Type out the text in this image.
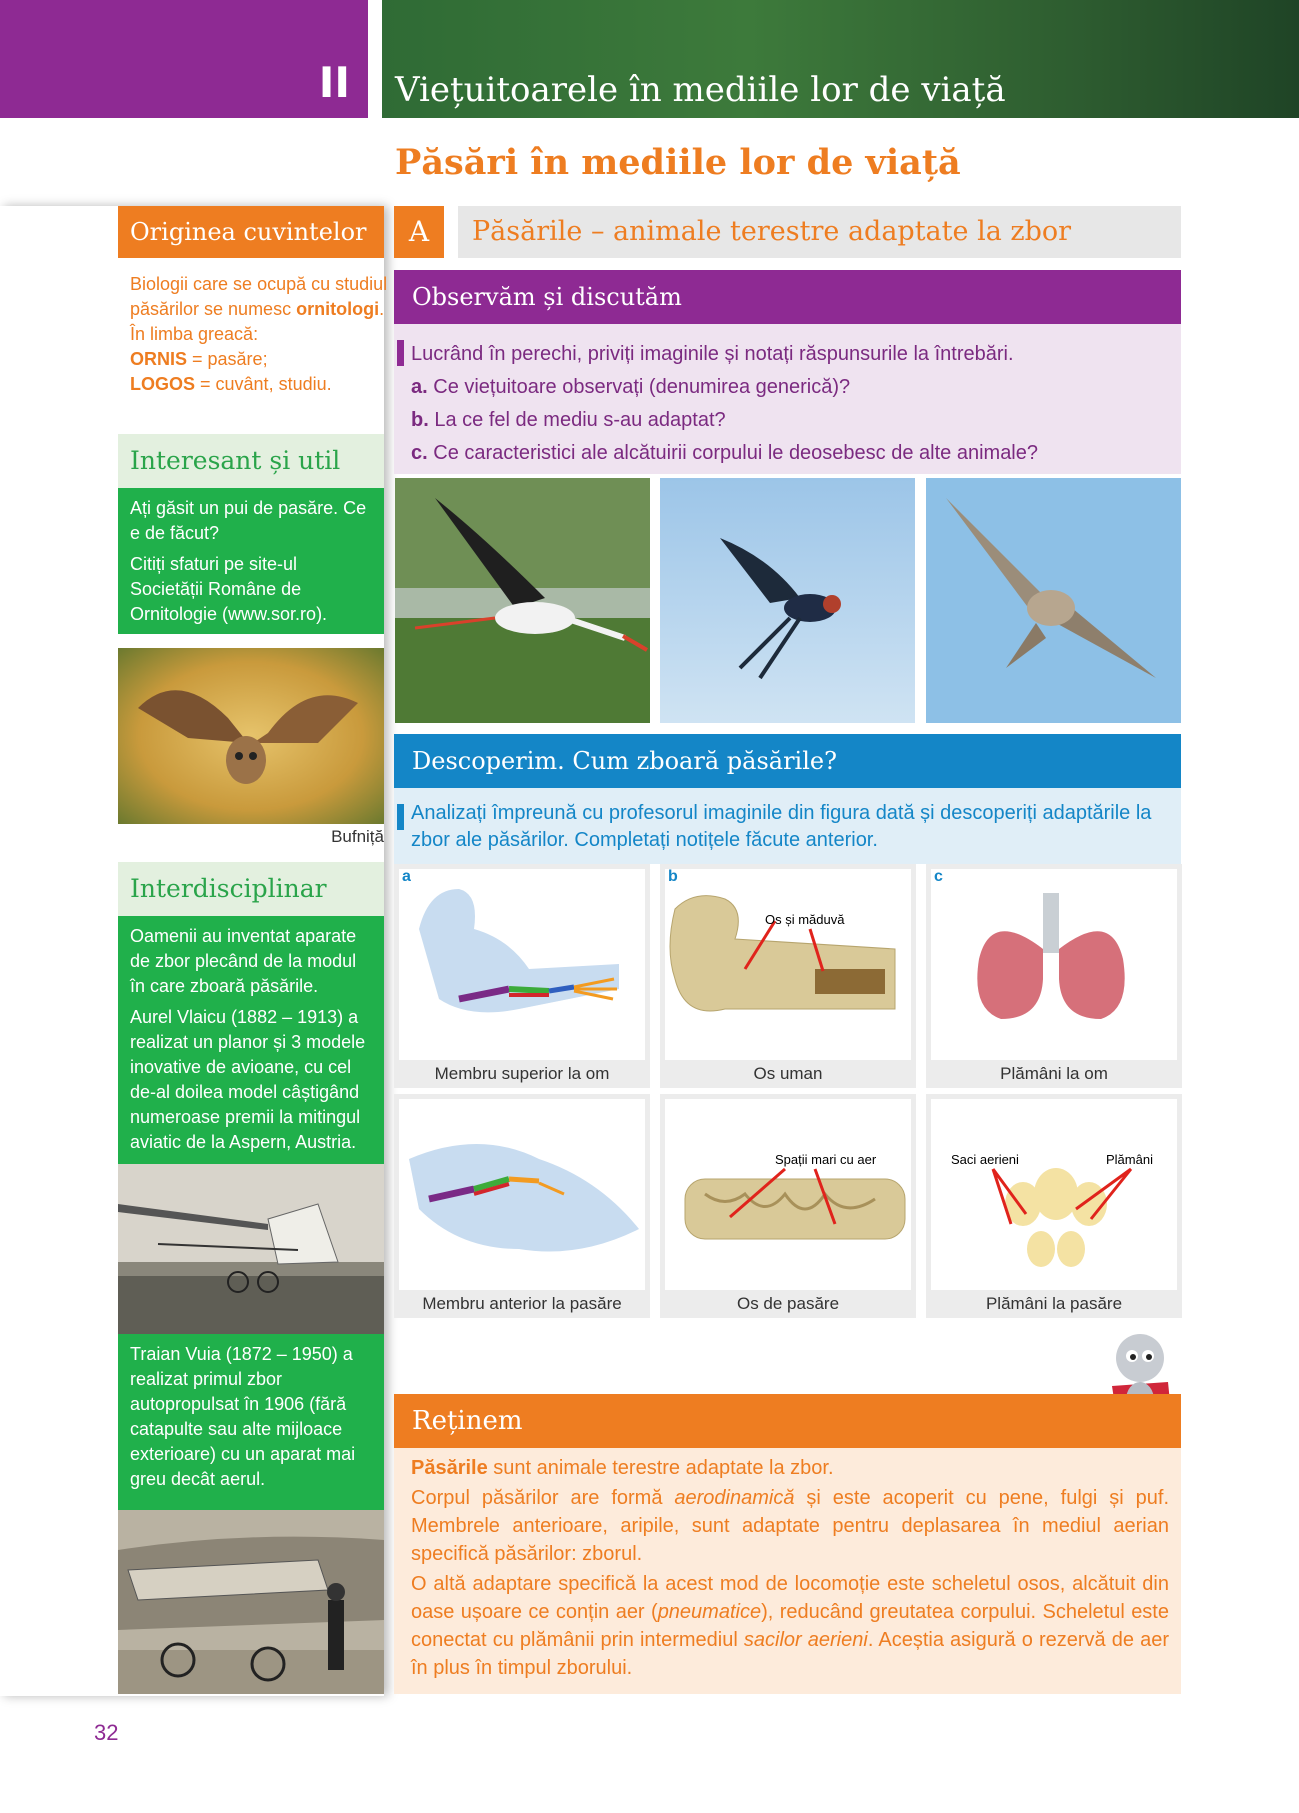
II Viețuitoarele în mediile lor de viață
Păsări în mediile lor de viață
Originea cuvintelor
Biologii care se ocupă cu studiul păsărilor se numesc ornitologi.
În limba greacă:
ORNIS = pasăre;
LOGOS = cuvânt, studiu.
Interesant și util

Ați găsit un pui de pasăre. Ce e de făcut?

Citiți sfaturi pe site-ul Societății Române de Ornitologie (www.sor.ro).

Bufniță
Interdisciplinar

Oamenii au inventat aparate de zbor plecând de la modul în care zboară păsările.

Aurel Vlaicu (1882 – 1913) a realizat un planor și 3 modele inovative de avioane, cu cel de-al doilea model câștigând numeroase premii la mitingul aviatic de la Aspern, Austria.

Traian Vuia (1872 – 1950) a realizat primul zbor autopropulsat în 1906 (fără catapulte sau alte mijloace exterioare) cu un aparat mai greu decât aerul.

A	Păsările – animale terestre adaptate la zbor
Observăm și discutăm
Lucrând în perechi, priviți imaginile și notați răspunsurile la întrebări.
a. Ce viețuitoare observați (denumirea generică)?
b. La ce fel de mediu s-au adaptat?
c. Ce caracteristici ale alcătuirii corpului le deosebesc de alte animale?
Descoperim. Cum zboară păsările?
Analizați împreună cu profesorul imaginile din figura dată și descoperiți adaptările la zbor ale păsărilor. Completați notițele făcute anterior.
a
Membru superior la om
Os și măduvă
b
Os uman
c
Plămâni la om
Membru anterior la pasăre
Spații mari cu aer
Os de pasăre
Saci aerieni	Plămâni
Plămâni la pasăre
Reținem

Păsările sunt animale terestre adaptate la zbor.

Corpul păsărilor are formă aerodinamică și este acoperit cu pene, fulgi și puf. Membrele anterioare, aripile, sunt adaptate pentru deplasarea în mediul aerian specifică păsărilor: zborul.

O altă adaptare specifică la acest mod de locomoție este scheletul osos, alcătuit din oase ușoare ce conțin aer (pneumatice), reducând greutatea corpului. Scheletul este conectat cu plămânii prin intermediul sacilor aerieni. Aceștia asigură o rezervă de aer în plus în timpul zborului.

32
